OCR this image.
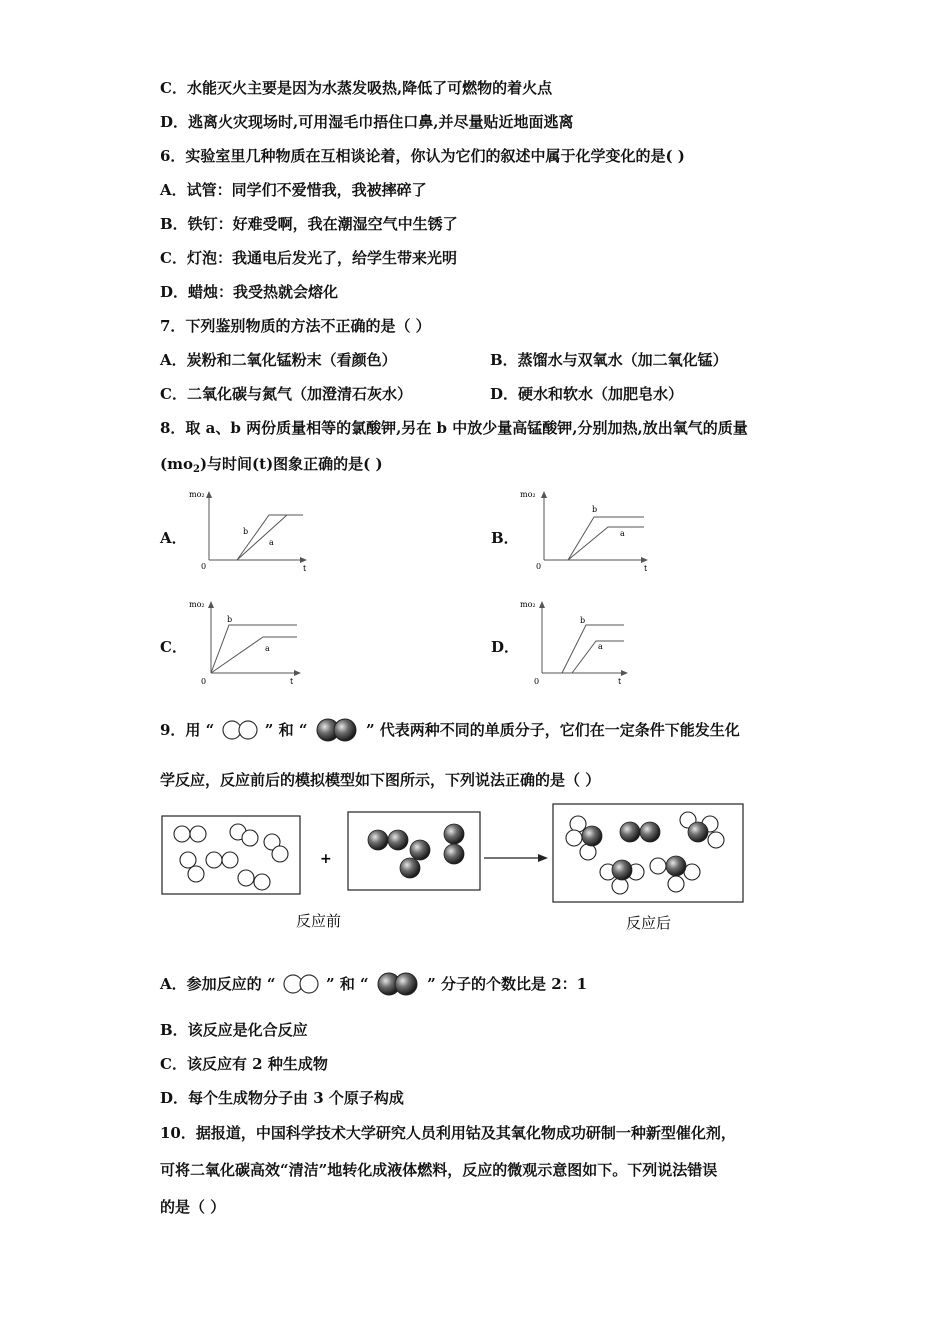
C．水能灭火主要是因为水蒸发吸热,降低了可燃物的着火点
D．逃离火灾现场时,可用湿毛巾捂住口鼻,并尽量贴近地面逃离
6．实验室里几种物质在互相谈论着，你认为它们的叙述中属于化学变化的是( )
A．试管：同学们不爱惜我，我被摔碎了
B．铁钉：好难受啊，我在潮湿空气中生锈了
C．灯泡：我通电后发光了，给学生带来光明
D．蜡烛：我受热就会熔化
7．下列鉴别物质的方法不正确的是（ ）
A．炭粉和二氧化锰粉末（看颜色）	B．蒸馏水与双氧水（加二氧化锰）
C．二氧化碳与氮气（加澄清石灰水）	D．硬水和软水（加肥皂水）
8．取 a、b 两份质量相等的氯酸钾,另在 b 中放少量高锰酸钾,分别加热,放出氧气的质量
$(mo_2)$与时间(t)图象正确的是( )
A．	B．
C．	D．
mo₂
t
0
b
a
mo₂
t
0
b
a
mo₂
t
0
b
a
mo₂
t
0
b
a
9．用 “	” 和 “	” 代表两种不同的单质分子，它们在一定条件下能发生化
学反应，反应前后的模拟模型如下图所示，下列说法正确的是（ ）
+
反应前	反应后
A．参加反应的 “	” 和 “	” 分子的个数比是 2：1
B．该反应是化合反应
C．该反应有 2 种生成物
D．每个生成物分子由 3 个原子构成
10．据报道，中国科学技术大学研究人员利用钴及其氧化物成功研制一种新型催化剂，
可将二氧化碳高效“清洁”地转化成液体燃料，反应的微观示意图如下。下列说法错误
的是（ ）
